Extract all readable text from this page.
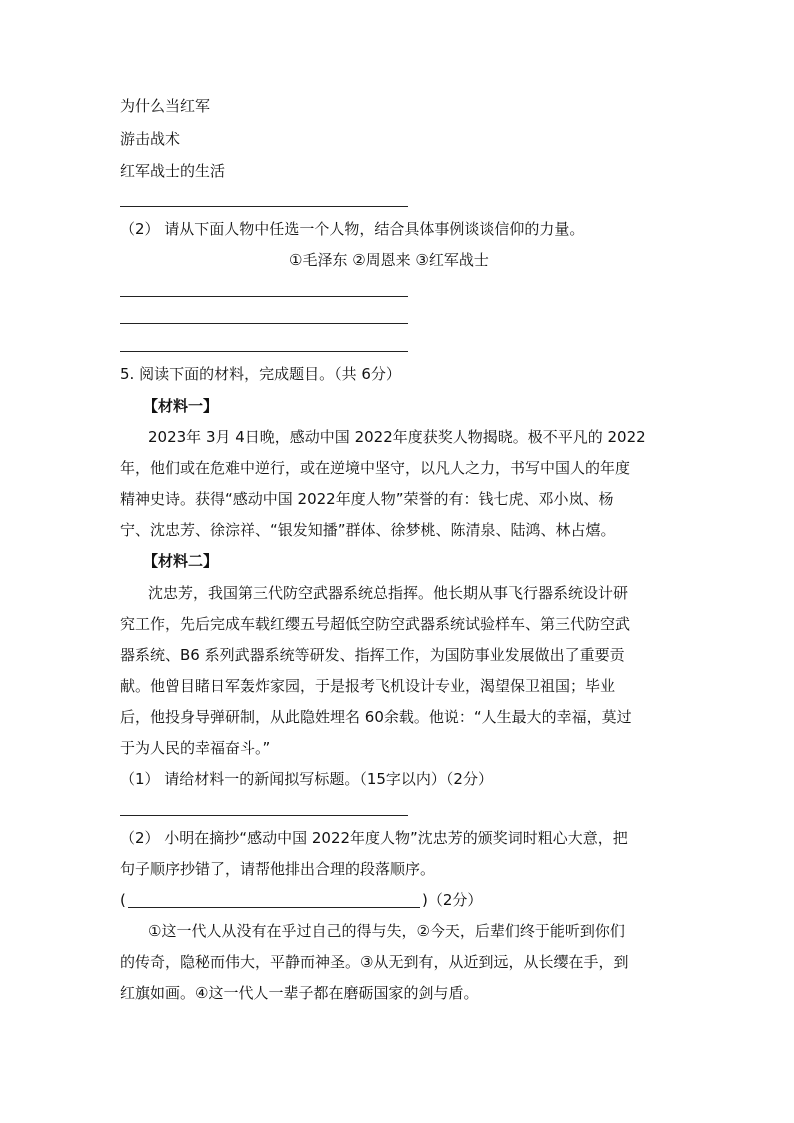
为什么当红军
游击战术
红军战士的生活
（2） 请从下面人物中任选一个人物，结合具体事例谈谈信仰的力量。
①毛泽东 ②周恩来 ③红军战士
5. 阅读下面的材料，完成题目。（共 6分）
【材料一】
2023年 3月 4日晚，感动中国 2022年度获奖人物揭晓。极不平凡的 2022
年，他们或在危难中逆行，或在逆境中坚守，以凡人之力，书写中国人的年度
精神史诗。获得“感动中国 2022年度人物”荣誉的有：钱七虎、邓小岚、杨
宁、沈忠芳、徐淙祥、“银发知播”群体、徐梦桃、陈清泉、陆鸿、林占熺。
【材料二】
沈忠芳，我国第三代防空武器系统总指挥。他长期从事飞行器系统设计研
究工作，先后完成车载红缨五号超低空防空武器系统试验样车、第三代防空武
器系统、B6 系列武器系统等研发、指挥工作，为国防事业发展做出了重要贡
献。他曾目睹日军轰炸家园，于是报考飞机设计专业，渴望保卫祖国；毕业
后，他投身导弹研制，从此隐姓埋名 60余载。他说：“人生最大的幸福，莫过
于为人民的幸福奋斗。”
（1） 请给材料一的新闻拟写标题。（15字以内）（2分）
（2） 小明在摘抄“感动中国 2022年度人物”沈忠芳的颁奖词时粗心大意，把
句子顺序抄错了，请帮他排出合理的段落顺序。
(	)（2分）
①这一代人从没有在乎过自己的得与失，②今天，后辈们终于能听到你们
的传奇，隐秘而伟大，平静而神圣。③从无到有，从近到远，从长缨在手，到
红旗如画。④这一代人一辈子都在磨砺国家的剑与盾。
